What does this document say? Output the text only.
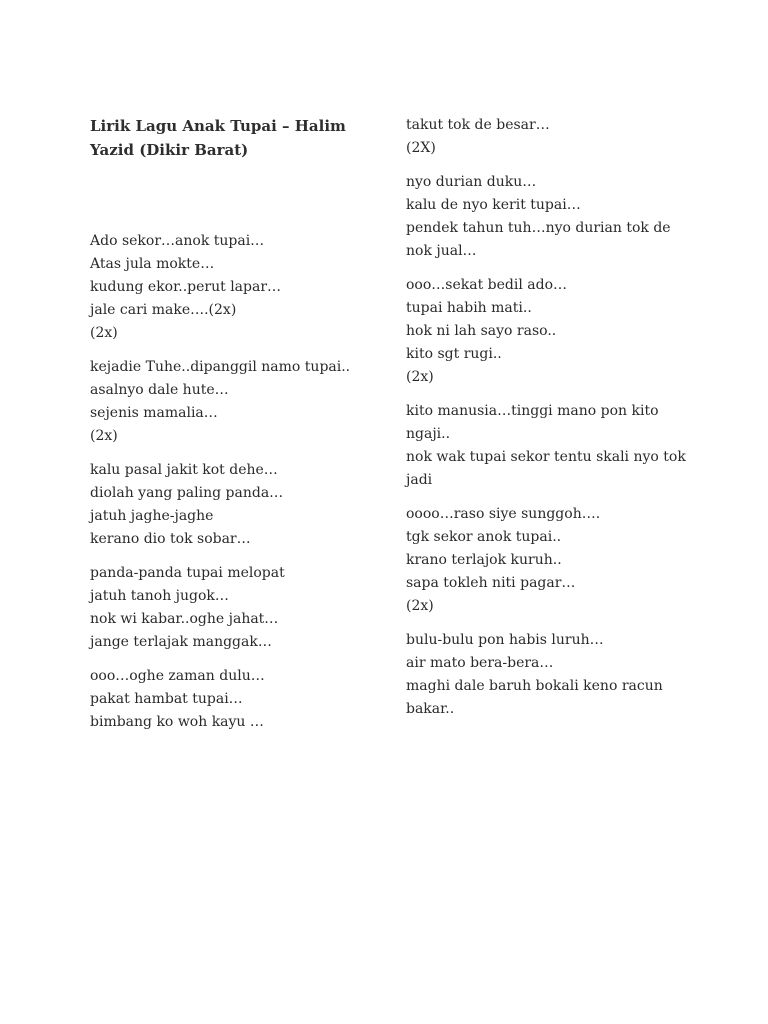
Lirik Lagu Anak Tupai – Halim Yazid (Dikir Barat)
Ado sekor…anok tupai…
Atas jula mokte…
kudung ekor..perut lapar…
jale cari make….(2x)
(2x)
kejadie Tuhe..dipanggil namo tupai..
asalnyo dale hute…
sejenis mamalia…
(2x)
kalu pasal jakit kot dehe…
diolah yang paling panda…
jatuh jaghe-jaghe
kerano dio tok sobar…
panda-panda tupai melopat
jatuh tanoh jugok…
nok wi kabar..oghe jahat…
jange terlajak manggak…
ooo…oghe zaman dulu…
pakat hambat tupai…
bimbang ko woh kayu …
takut tok de besar…
(2X)
nyo durian duku…
kalu de nyo kerit tupai…
pendek tahun tuh…nyo durian tok de nok jual…
ooo…sekat bedil ado…
tupai habih mati..
hok ni lah sayo raso..
kito sgt rugi..
(2x)
kito manusia…tinggi mano pon kito ngaji..
nok wak tupai sekor tentu skali nyo tok jadi
oooo…raso siye sunggoh….
tgk sekor anok tupai..
krano terlajok kuruh..
sapa tokleh niti pagar…
(2x)
bulu-bulu pon habis luruh…
air mato bera-bera…
maghi dale baruh bokali keno racun bakar..
